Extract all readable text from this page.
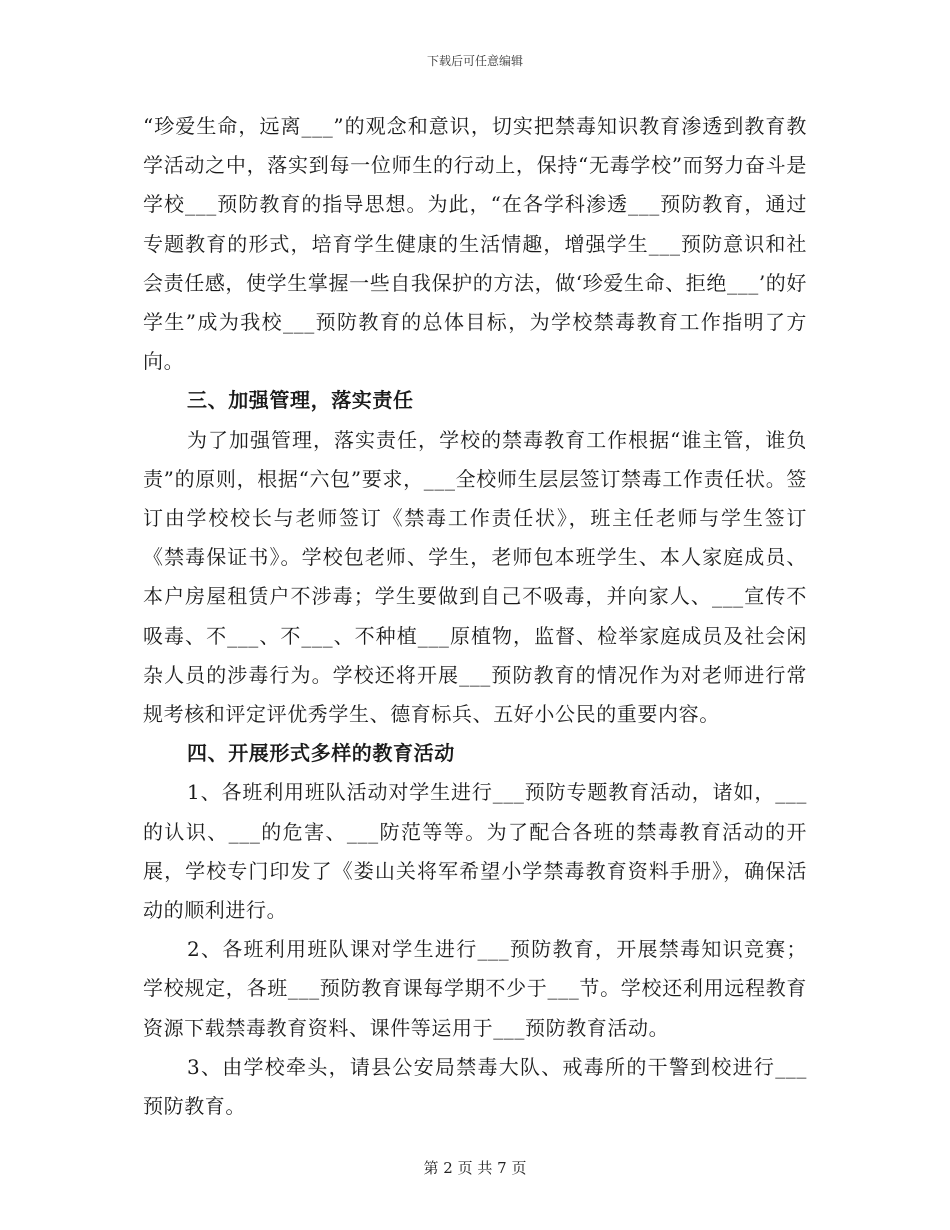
下载后可任意编辑

“珍爱生命，远离___”的观念和意识，切实把禁毒知识教育渗透到教育教学活动之中，落实到每一位师生的行动上，保持“无毒学校”而努力奋斗是学校___预防教育的指导思想。为此，“在各学科渗透___预防教育，通过专题教育的形式，培育学生健康的生活情趣，增强学生___预防意识和社会责任感，使学生掌握一些自我保护的方法，做‘珍爱生命、拒绝___’的好学生”成为我校___预防教育的总体目标，为学校禁毒教育工作指明了方向。

三、加强管理，落实责任

为了加强管理，落实责任，学校的禁毒教育工作根据“谁主管，谁负责”的原则，根据“六包”要求，___全校师生层层签订禁毒工作责任状。签订由学校校长与老师签订《禁毒工作责任状》，班主任老师与学生签订《禁毒保证书》。学校包老师、学生，老师包本班学生、本人家庭成员、本户房屋租赁户不涉毒；学生要做到自己不吸毒，并向家人、___宣传不吸毒、不___、不___、不种植___原植物，监督、检举家庭成员及社会闲杂人员的涉毒行为。学校还将开展___预防教育的情况作为对老师进行常规考核和评定评优秀学生、德育标兵、五好小公民的重要内容。

四、开展形式多样的教育活动

1、各班利用班队活动对学生进行___预防专题教育活动，诸如，___的认识、___的危害、___防范等等。为了配合各班的禁毒教育活动的开展，学校专门印发了《娄山关将军希望小学禁毒教育资料手册》，确保活动的顺利进行。

2、各班利用班队课对学生进行___预防教育，开展禁毒知识竞赛；学校规定，各班___预防教育课每学期不少于___节。学校还利用远程教育资源下载禁毒教育资料、课件等运用于___预防教育活动。

3、由学校牵头，请县公安局禁毒大队、戒毒所的干警到校进行___预防教育。

第 2 页 共 7 页
